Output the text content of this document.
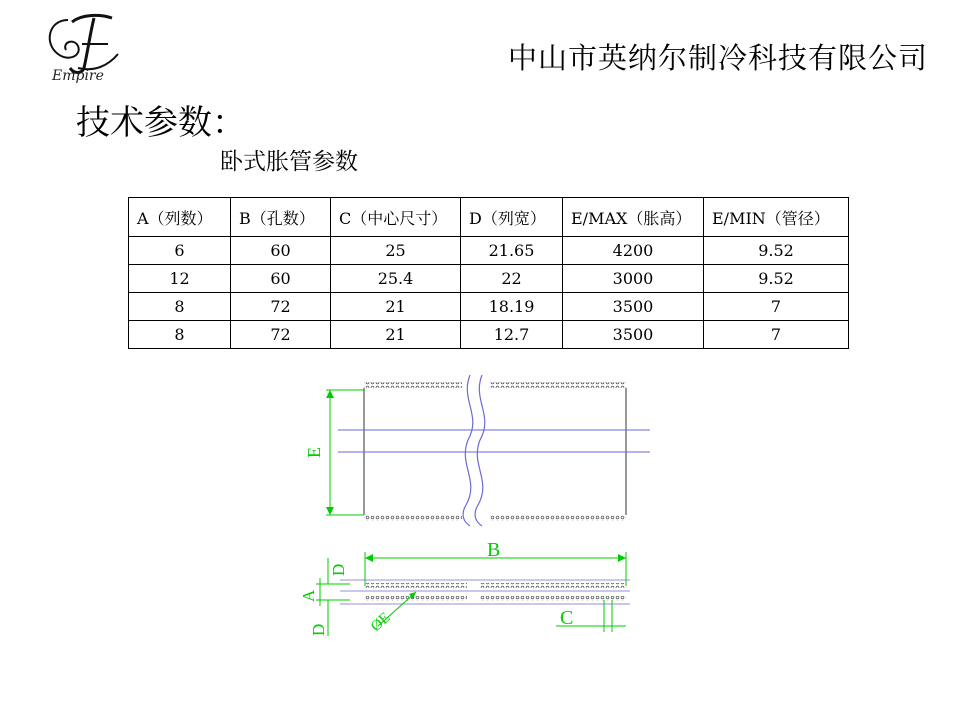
Empire
中山市英纳尔制冷科技有限公司
技术参数：
卧式胀管参数
A（列数）	B（孔数）	C（中心尺寸）	D（列宽）	E/MAX（胀高）	E/MIN（管径）
6	60	25	21.65	4200	9.52
12	60	25.4	22	3000	9.52
8	72	21	18.19	3500	7
8	72	21	12.7	3500	7
E
B
D
A
D	ØE	C
